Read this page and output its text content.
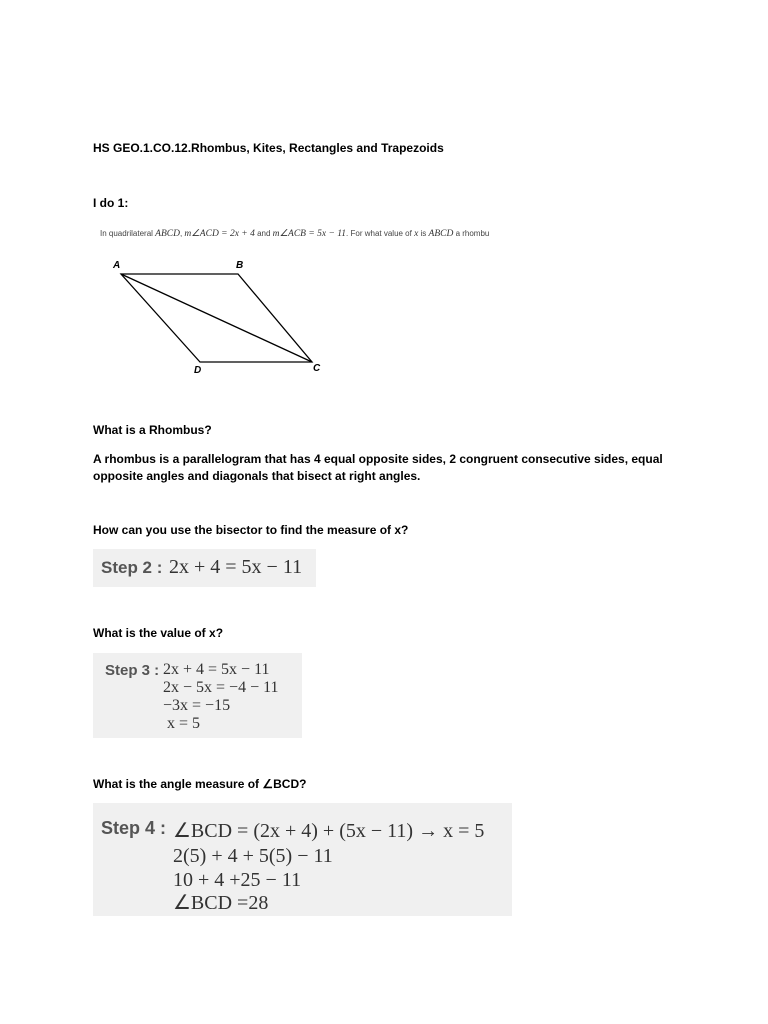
HS GEO.1.CO.12.Rhombus, Kites, Rectangles and Trapezoids
I do 1:
In quadrilateral ABCD, m∠ACD = 2x + 4 and m∠ACB = 5x − 11. For what value of x is ABCD a rhombu
A	B
C
D
What is a Rhombus?
A rhombus is a parallelogram that has 4 equal opposite sides, 2 congruent consecutive sides, equal opposite angles and diagonals that bisect at right angles.
How can you use the bisector to find the measure of x?
Step 2 : 2x + 4 = 5x − 11
What is the value of x?
Step 3 : 2x + 4 = 5x − 11
2x − 5x = −4 − 11
−3x = −15
x = 5
What is the angle measure of ∠BCD?
Step 4 : ∠BCD = (2x + 4) + (5x − 11) → x = 5
2(5) + 4 + 5(5) − 11
10 + 4 +25 − 11
∠BCD =28
